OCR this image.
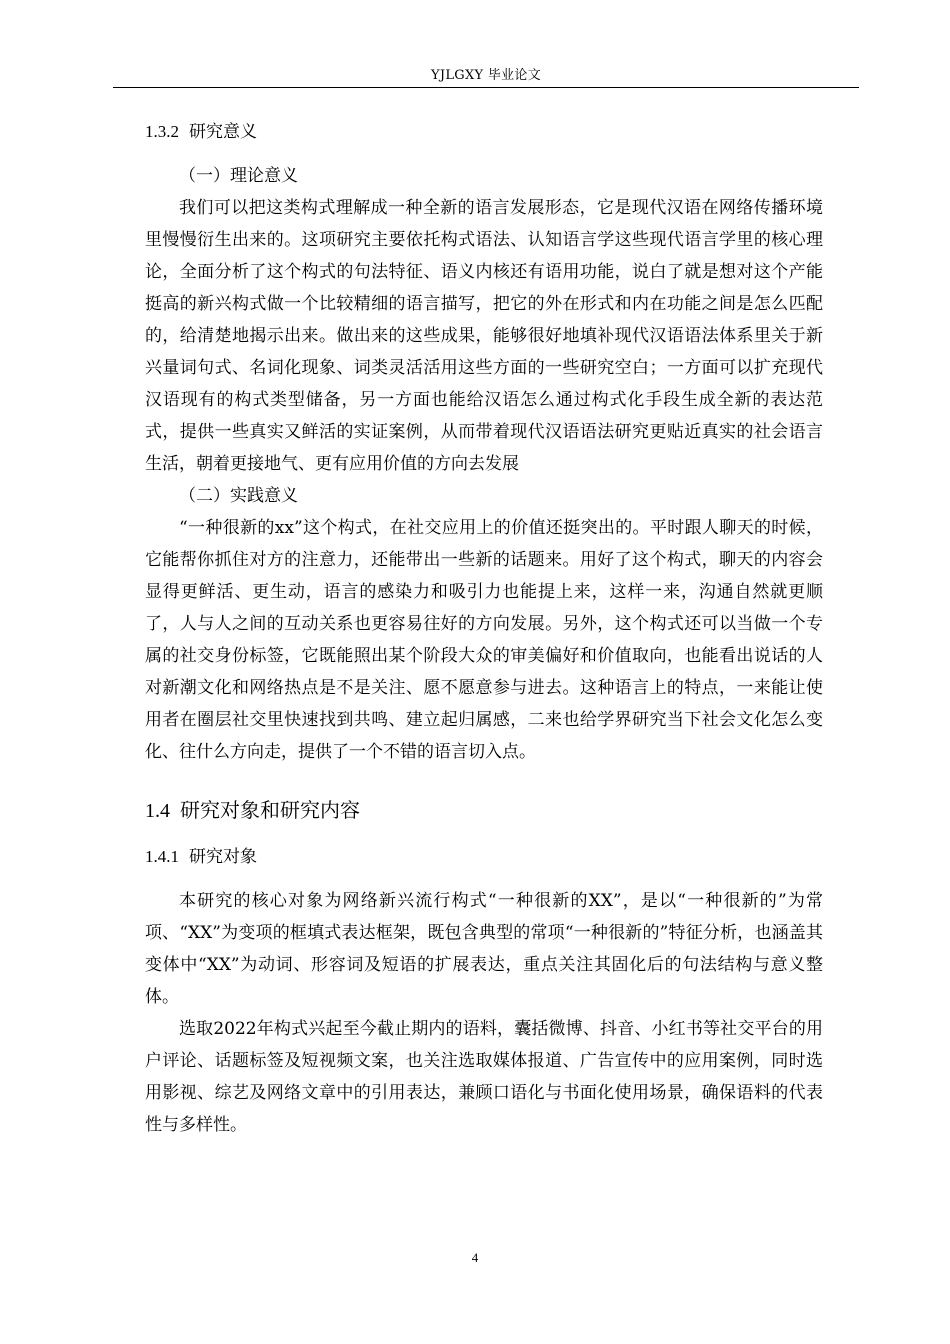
YJLGXY 毕业论文
1.3.2 研究意义
（一）理论意义

我们可以把这类构式理解成一种全新的语言发展形态，它是现代汉语在网络传播环境里慢慢衍生出来的。这项研究主要依托构式语法、认知语言学这些现代语言学里的核心理论，全面分析了这个构式的句法特征、语义内核还有语用功能，说白了就是想对这个产能挺高的新兴构式做一个比较精细的语言描写，把它的外在形式和内在功能之间是怎么匹配的，给清楚地揭示出来。做出来的这些成果，能够很好地填补现代汉语语法体系里关于新兴量词句式、名词化现象、词类灵活活用这些方面的一些研究空白；一方面可以扩充现代汉语现有的构式类型储备，另一方面也能给汉语怎么通过构式化手段生成全新的表达范式，提供一些真实又鲜活的实证案例，从而带着现代汉语语法研究更贴近真实的社会语言生活，朝着更接地气、更有应用价值的方向去发展

（二）实践意义

“一种很新的xx”这个构式，在社交应用上的价值还挺突出的。平时跟人聊天的时候，它能帮你抓住对方的注意力，还能带出一些新的话题来。用好了这个构式，聊天的内容会显得更鲜活、更生动，语言的感染力和吸引力也能提上来，这样一来，沟通自然就更顺了，人与人之间的互动关系也更容易往好的方向发展。另外，这个构式还可以当做一个专属的社交身份标签，它既能照出某个阶段大众的审美偏好和价值取向，也能看出说话的人对新潮文化和网络热点是不是关注、愿不愿意参与进去。这种语言上的特点，一来能让使用者在圈层社交里快速找到共鸣、建立起归属感，二来也给学界研究当下社会文化怎么变化、往什么方向走，提供了一个不错的语言切入点。

1.4 研究对象和研究内容
1.4.1 研究对象

本研究的核心对象为网络新兴流行构式“一种很新的XX”，是以“一种很新的”为常项、“XX”为变项的框填式表达框架，既包含典型的常项“一种很新的”特征分析，也涵盖其变体中“XX”为动词、形容词及短语的扩展表达，重点关注其固化后的句法结构与意义整体。

选取2022年构式兴起至今截止期内的语料，囊括微博、抖音、小红书等社交平台的用户评论、话题标签及短视频文案，也关注选取媒体报道、广告宣传中的应用案例，同时选用影视、综艺及网络文章中的引用表达，兼顾口语化与书面化使用场景，确保语料的代表性与多样性。

4
